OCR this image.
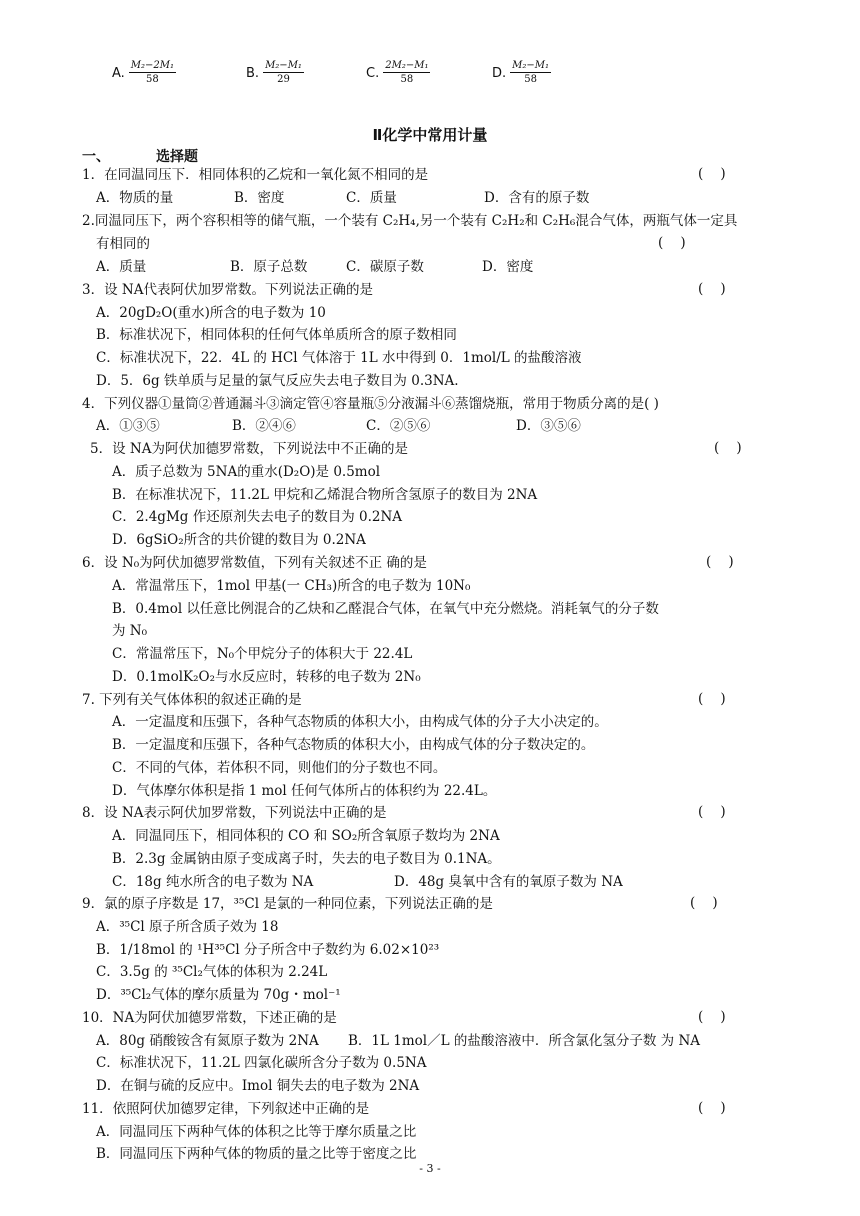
A. $\frac{\text{M₂−2M₁}}{58}$	B. $\frac{\text{M₂−M₁}}{29}$	C. $\frac{\text{2M₂−M₁}}{58}$	D. $\frac{\text{M₂−M₁}}{58}$
Ⅱ化学中常用计量
一、	选择题
1．在同温同压下．相同体积的乙烷和一氧化氮不相同的是	(    )
A．物质的量	B．密度	C．质量	D．含有的原子数
2.同温同压下，两个容积相等的储气瓶，一个装有 C₂H₄,另一个装有 C₂H₂和 C₂H₆混合气体，两瓶气体一定具
有相同的	(    )
A．质量	B．原子总数	C．碳原子数	D．密度
3．设 NA代表阿伏加罗常数。下列说法正确的是	(    )
A．20gD₂O(重水)所含的电子数为 10
B．标准状况下，相同体积的任何气体单质所含的原子数相同
C．标准状况下，22．4L 的 HCl 气体溶于 1L 水中得到 0．1mol/L 的盐酸溶液
D．5．6g 铁单质与足量的氯气反应失去电子数目为 0.3NA.
4．下列仪器①量筒②普通漏斗③滴定管④容量瓶⑤分液漏斗⑥蒸馏烧瓶，常用于物质分离的是( )
A．①③⑤	B．②④⑥	C．②⑤⑥	D．③⑤⑥
5．设 NA为阿伏加德罗常数，下列说法中不正确的是	(    )
A．质子总数为 5NA的重水(D₂O)是 0.5mol
B．在标准状况下，11.2L 甲烷和乙烯混合物所含氢原子的数目为 2NA
C．2.4gMg 作还原剂失去电子的数目为 0.2NA
D．6gSiO₂所含的共价键的数目为 0.2NA
6．设 N₀为阿伏加德罗常数值，下列有关叙述不正 确的是	(    )
A．常温常压下，1mol 甲基(一 CH₃)所含的电子数为 10N₀
B．0.4mol 以任意比例混合的乙炔和乙醛混合气体，在氧气中充分燃烧。消耗氧气的分子数
为 N₀
C．常温常压下，N₀个甲烷分子的体积大于 22.4L
D．0.1molK₂O₂与水反应时，转移的电子数为 2N₀
7. 下列有关气体体积的叙述正确的是	(    )
A．一定温度和压强下，各种气态物质的体积大小，由构成气体的分子大小决定的。
B．一定温度和压强下，各种气态物质的体积大小，由构成气体的分子数决定的。
C．不同的气体，若体积不同，则他们的分子数也不同。
D．气体摩尔体积是指 1 mol 任何气体所占的体积约为 22.4L。
8．设 NA表示阿伏加罗常数，下列说法中正确的是	(    )
A．同温同压下，相同体积的 CO 和 SO₂所含氧原子数均为 2NA
B．2.3g 金属钠由原子变成离子时，失去的电子数目为 0.1NA。
C．18g 纯水所含的电子数为 NA	D．48g 臭氧中含有的氧原子数为 NA
9．氯的原子序数是 17，³⁵Cl 是氯的一种同位素，下列说法正确的是	(    )
A．³⁵Cl 原子所含质子效为 18
B．1/18mol 的 ¹H³⁵Cl 分子所含中子数约为 6.02×10²³
C．3.5g 的 ³⁵Cl₂气体的体积为 2.24L
D．³⁵Cl₂气体的摩尔质量为 70g・mol⁻¹
10．NA为阿伏加德罗常数，下述正确的是	(    )
A．80g 硝酸铵含有氮原子数为 2NA	B．1L 1mol／L 的盐酸溶液中．所含氯化氢分子数 为 NA
C．标准状况下，11.2L 四氯化碳所含分子数为 0.5NA
D．在铜与硫的反应中。Imol 铜失去的电子数为 2NA
11．依照阿伏加德罗定律，下列叙述中正确的是	(    )
A．同温同压下两种气体的体积之比等于摩尔质量之比
B．同温同压下两种气体的物质的量之比等于密度之比
- 3 -
